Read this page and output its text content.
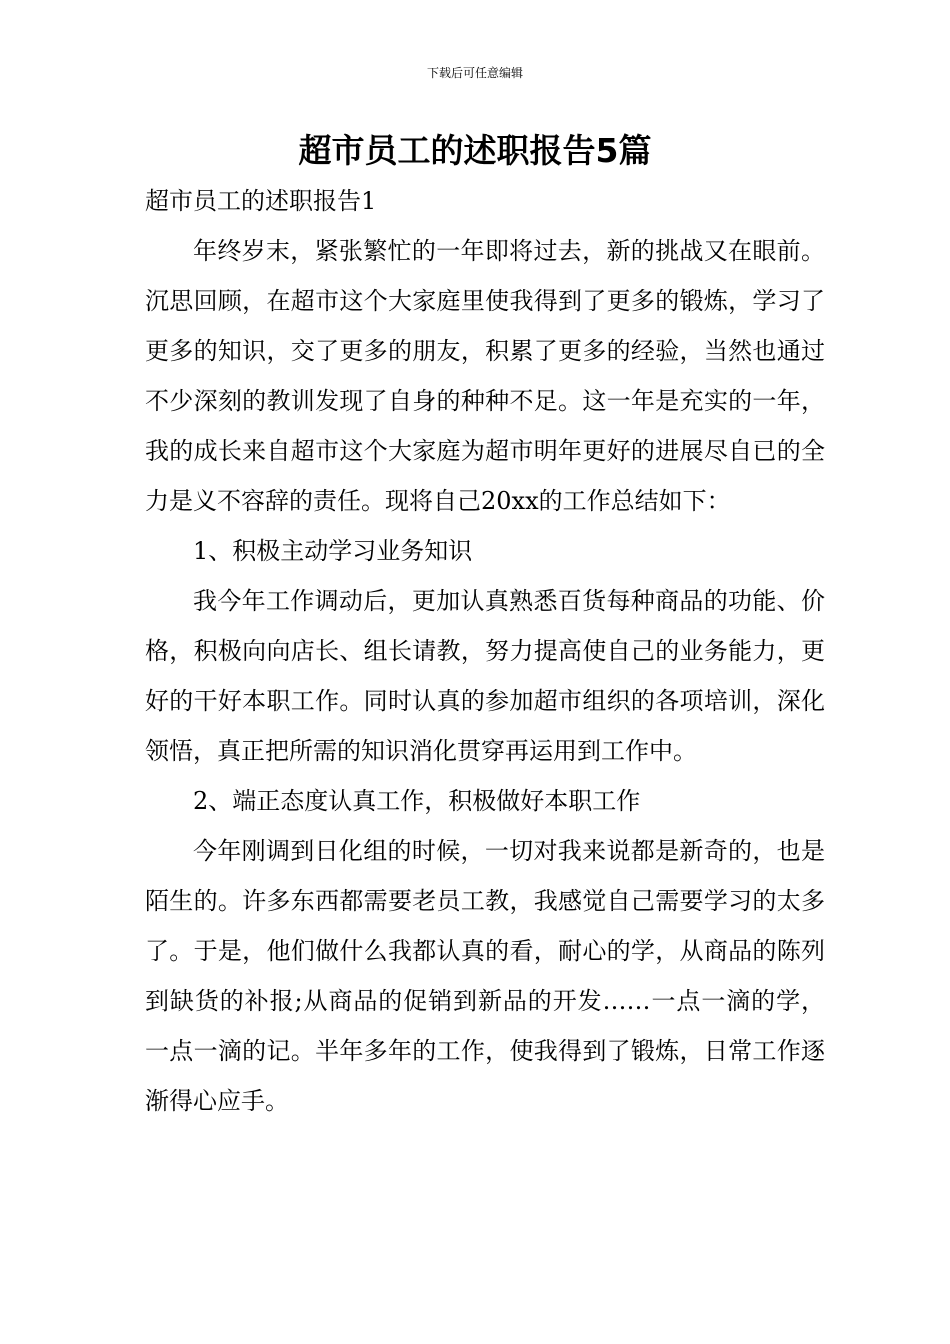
下载后可任意编辑
超市员工的述职报告5篇

超市员工的述职报告1

年终岁末，紧张繁忙的一年即将过去，新的挑战又在眼前。沉思回顾，在超市这个大家庭里使我得到了更多的锻炼，学习了更多的知识，交了更多的朋友，积累了更多的经验，当然也通过不少深刻的教训发现了自身的种种不足。这一年是充实的一年，我的成长来自超市这个大家庭为超市明年更好的进展尽自已的全力是义不容辞的责任。现将自己20xx的工作总结如下：

1、积极主动学习业务知识

我今年工作调动后，更加认真熟悉百货每种商品的功能、价格，积极向向店长、组长请教，努力提高使自己的业务能力，更好的干好本职工作。同时认真的参加超市组织的各项培训，深化领悟，真正把所需的知识消化贯穿再运用到工作中。

2、端正态度认真工作，积极做好本职工作

今年刚调到日化组的时候，一切对我来说都是新奇的，也是陌生的。许多东西都需要老员工教，我感觉自己需要学习的太多了。于是，他们做什么我都认真的看，耐心的学，从商品的陈列到缺货的补报;从商品的促销到新品的开发……一点一滴的学，一点一滴的记。半年多年的工作，使我得到了锻炼，日常工作逐渐得心应手。
